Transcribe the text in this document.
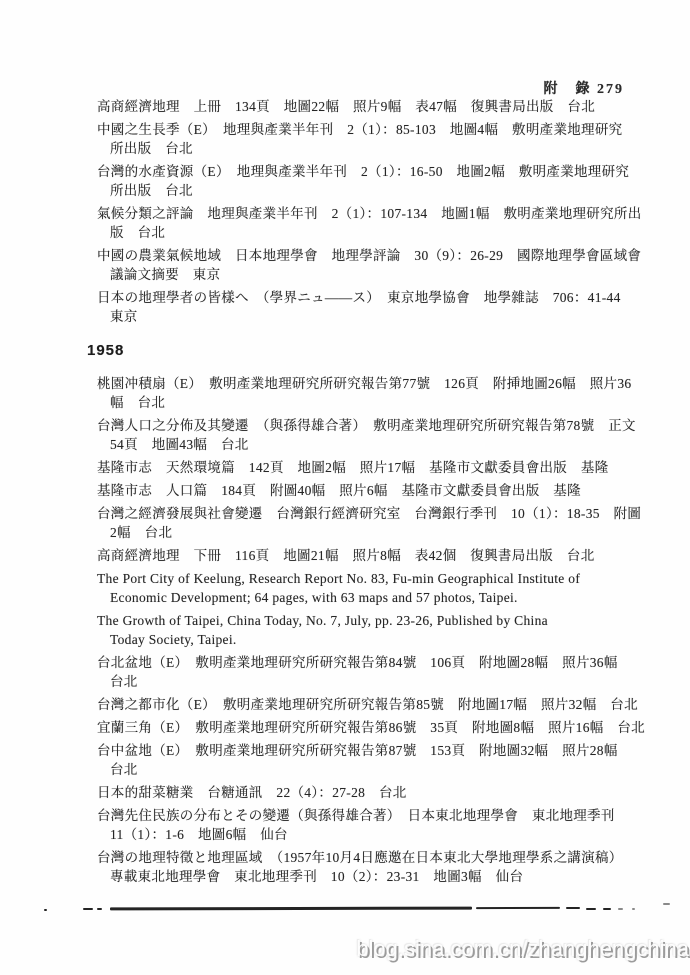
附　錄 279
高商經濟地理　上冊　134頁　地圖22幅　照片9幅　表47幅　復興書局出版　台北
中國之生長季（E）　地理與產業半年刊　2（1）：85-103　地圖4幅　敷明產業地理研究
所出版　台北
台灣的水產資源（E）　地理與產業半年刊　2（1）：16-50　地圖2幅　敷明產業地理研究
所出版　台北
氣候分類之評論　地理與產業半年刊　2（1）：107-134　地圖1幅　敷明產業地理研究所出
版　台北
中國の農業氣候地域　日本地理學會　地理學評論　30（9）：26-29　國際地理學會區域會
議論文摘要　東京
日本の地理學者の皆樣へ　（學界ニュ——ス）　東京地學協會　地學雜誌　706：41-44
東京
1958
桃園冲積扇（E）　敷明產業地理研究所研究報告第77號　126頁　附挿地圖26幅　照片36
幅　台北
台灣人口之分佈及其變遷　（與孫得雄合著）　敷明產業地理研究所研究報告第78號　正文
54頁　地圖43幅　台北
基隆市志　天然環境篇　142頁　地圖2幅　照片17幅　基隆市文獻委員會出版　基隆
基隆市志　人口篇　184頁　附圖40幅　照片6幅　基隆市文獻委員會出版　基隆
台灣之經濟發展與社會變遷　台灣銀行經濟研究室　台灣銀行季刊　10（1）：18-35　附圖
2幅　台北
高商經濟地理　下冊　116頁　地圖21幅　照片8幅　表42個　復興書局出版　台北
The Port City of Keelung, Research Report No. 83, Fu-min Geographical Institute of
Economic Development; 64 pages, with 63 maps and 57 photos, Taipei.
The Growth of Taipei, China Today, No. 7, July, pp. 23-26, Published by China
Today Society, Taipei.
台北盆地（E）　敷明產業地理研究所研究報告第84號　106頁　附地圖28幅　照片36幅
台北
台灣之都市化（E）　敷明產業地理研究所研究報告第85號　附地圖17幅　照片32幅　台北
宜蘭三角（E）　敷明產業地理研究所研究報告第86號　35頁　附地圖8幅　照片16幅　台北
台中盆地（E）　敷明產業地理研究所研究報告第87號　153頁　附地圖32幅　照片28幅
台北
日本的甜菜糖業　台糖通訊　22（4）：27-28　台北
台灣先住民族の分布とその變遷（與孫得雄合著）　日本東北地理學會　東北地理季刊
11（1）：1-6　地圖6幅　仙台
台灣の地理特徵と地理區域　（1957年10月4日應邀在日本東北大學地理學系之講演稿）
專載東北地理學會　東北地理季刊　10（2）：23-31　地圖3幅　仙台
blog.sina.com.cn/zhanghengchina
